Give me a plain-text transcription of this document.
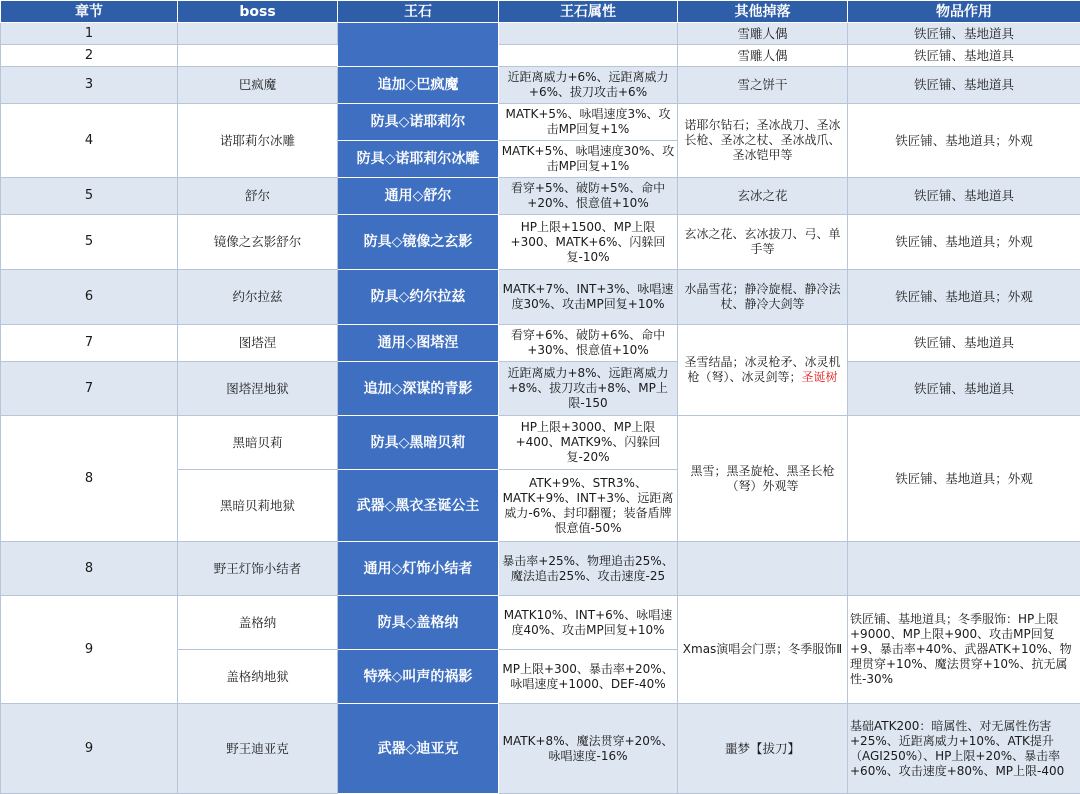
章节	boss	王石	王石属性	其他掉落	物品作用
1				雪雕人偶	铁匠铺、基地道具
2				雪雕人偶	铁匠铺、基地道具
3	巴疯魔	追加◇巴疯魔	近距离威力+6%、远距离威力+6%、拔刀攻击+6%	雪之饼干	铁匠铺、基地道具
4	诺耶莉尔冰雕	防具◇诺耶莉尔	MATK+5%、咏唱速度3%、攻击MP回复+1%	诺耶尔钻石；圣冰战刀、圣冰长枪、圣冰之杖、圣冰战爪、圣冰铠甲等	铁匠铺、基地道具；外观
		防具◇诺耶莉尔冰雕	MATK+5%、咏唱速度30%、攻击MP回复+1%		
5	舒尔	通用◇舒尔	看穿+5%、破防+5%、命中+20%、恨意值+10%	玄冰之花	铁匠铺、基地道具
5	镜像之玄影舒尔	防具◇镜像之玄影	HP上限+1500、MP上限+300、MATK+6%、闪躲回复-10%	玄冰之花、玄冰拔刀、弓、单手等	铁匠铺、基地道具；外观
6	约尔拉兹	防具◇约尔拉兹	MATK+7%、INT+3%、咏唱速度30%、攻击MP回复+10%	水晶雪花；静冷旋棍、静冷法杖、静冷大剑等	铁匠铺、基地道具；外观
7	图塔涅	通用◇图塔涅	看穿+6%、破防+6%、命中+30%、恨意值+10%	圣雪结晶；冰灵枪矛、冰灵机枪（弩）、冰灵剑等；圣诞树	铁匠铺、基地道具
7	图塔涅地狱	追加◇深谋的青影	近距离威力+8%、远距离威力+8%、拔刀攻击+8%、MP上限-150		铁匠铺、基地道具
8	黑暗贝莉	防具◇黑暗贝莉	HP上限+3000、MP上限+400、MATK9%、闪躲回复-20%	黑雪；黑圣旋枪、黑圣长枪（弩）外观等	铁匠铺、基地道具；外观
	黑暗贝莉地狱	武器◇黑衣圣诞公主	ATK+9%、STR3%、MATK+9%、INT+3%、远距离威力-6%、封印翻覆；装备盾牌恨意值-50%		
8	野王灯饰小结者	通用◇灯饰小结者	暴击率+25%、物理追击25%、魔法追击25%、攻击速度-25		
9	盖格纳	防具◇盖格纳	MATK10%、INT+6%、咏唱速度40%、攻击MP回复+10%	Xmas演唱会门票；冬季服饰Ⅱ	铁匠铺、基地道具；冬季服饰：HP上限+9000、MP上限+900、攻击MP回复+9、暴击率+40%、武器ATK+10%、物理贯穿+10%、魔法贯穿+10%、抗无属性-30%
	盖格纳地狱	特殊◇叫声的祸影	MP上限+300、暴击率+20%、咏唱速度+1000、DEF-40%		
9	野王迪亚克	武器◇迪亚克	MATK+8%、魔法贯穿+20%、咏唱速度-16%	噩梦【拔刀】	基础ATK200：暗属性、对无属性伤害+25%、近距离威力+10%、ATK提升（AGI250%）、HP上限+20%、暴击率+60%、攻击速度+80%、MP上限-400
